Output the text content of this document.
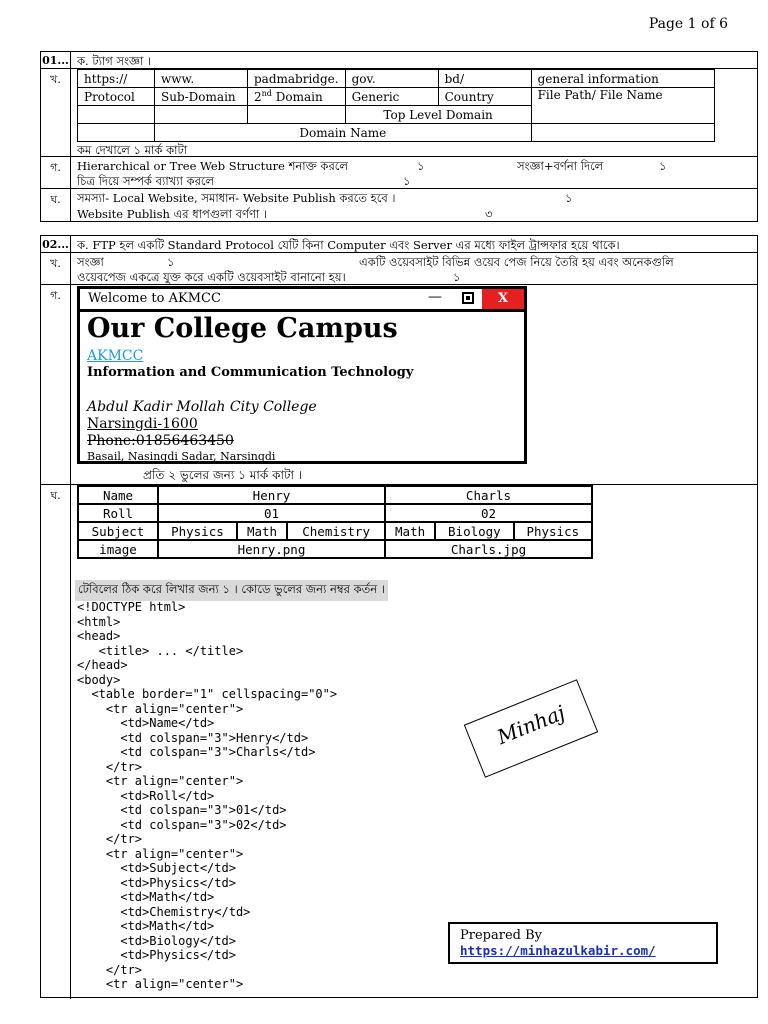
Page 1 of 6
01... ক. ট্যাগ সংজ্ঞা ।
খ.	https://	www.	padmabridge.	gov.	bd/	general information
Protocol	Sub-Domain	2nd Domain	Generic	Country	File Path/ File Name
			Top Level Domain		
	Domain Name				
কম দেখালে ১ মার্ক কাটা
গ.	Hierarchical or Tree Web Structure শনাক্ত করলে	১	সংজ্ঞা+বর্ণনা দিলে	১
চিত্র দিয়ে সম্পর্ক ব্যাখ্যা করলে	১
ঘ.	সমস্যা- Local Website, সমাধান- Website Publish করতে হবে ।	১
Website Publish এর ধাপগুলা বর্ণণা ।	৩
02... ক. FTP হল একটি Standard Protocol যেটি কিনা Computer এবং Server এর মধ্যে ফাইল ট্রান্সফার হয়ে থাকে।
খ.	সংজ্ঞা	১	একটি ওয়েবসাইট বিভিন্ন ওয়েব পেজ নিয়ে তৈরি হয় এবং অনেকগুলি
ওয়েবপেজ একত্রে যুক্ত করে একটি ওয়েবসাইট বানানো হয়।	১
গ.
প্রতি ২ ভুলের জন্য ১ মার্ক কাটা ।
ঘ.
Welcome to AKMCC	—	X
Our College Campus
AKMCC
Information and Communication Technology
Abdul Kadir Mollah City College
Narsingdi-1600
Phone:01856463450
Basail, Nasingdi Sadar, Narsingdi
Name	Henry			Charls		
Roll	01			02		
Subject	Physics	Math	Chemistry	Math	Biology	Physics
image	Henry.png			Charls.jpg		
টেবিলের ঠিক করে লিখার জন্য ১ । কোডে ভুলের জন্য নম্বর কর্তন ।
<!DOCTYPE html>
<html>
<head>
<title> ... </title>
</head>
<body>
<table border="1" cellspacing="0">
<tr align="center">
<td>Name</td>
<td colspan="3">Henry</td>
<td colspan="3">Charls</td>
</tr>
<tr align="center">
<td>Roll</td>
<td colspan="3">01</td>
<td colspan="3">02</td>
</tr>
<tr align="center">
<td>Subject</td>
<td>Physics</td>
<td>Math</td>
<td>Chemistry</td>
<td>Math</td>
<td>Biology</td>
<td>Physics</td>
</tr>
<tr align="center">
Minhaj
Prepared By
https://minhazulkabir.com/
